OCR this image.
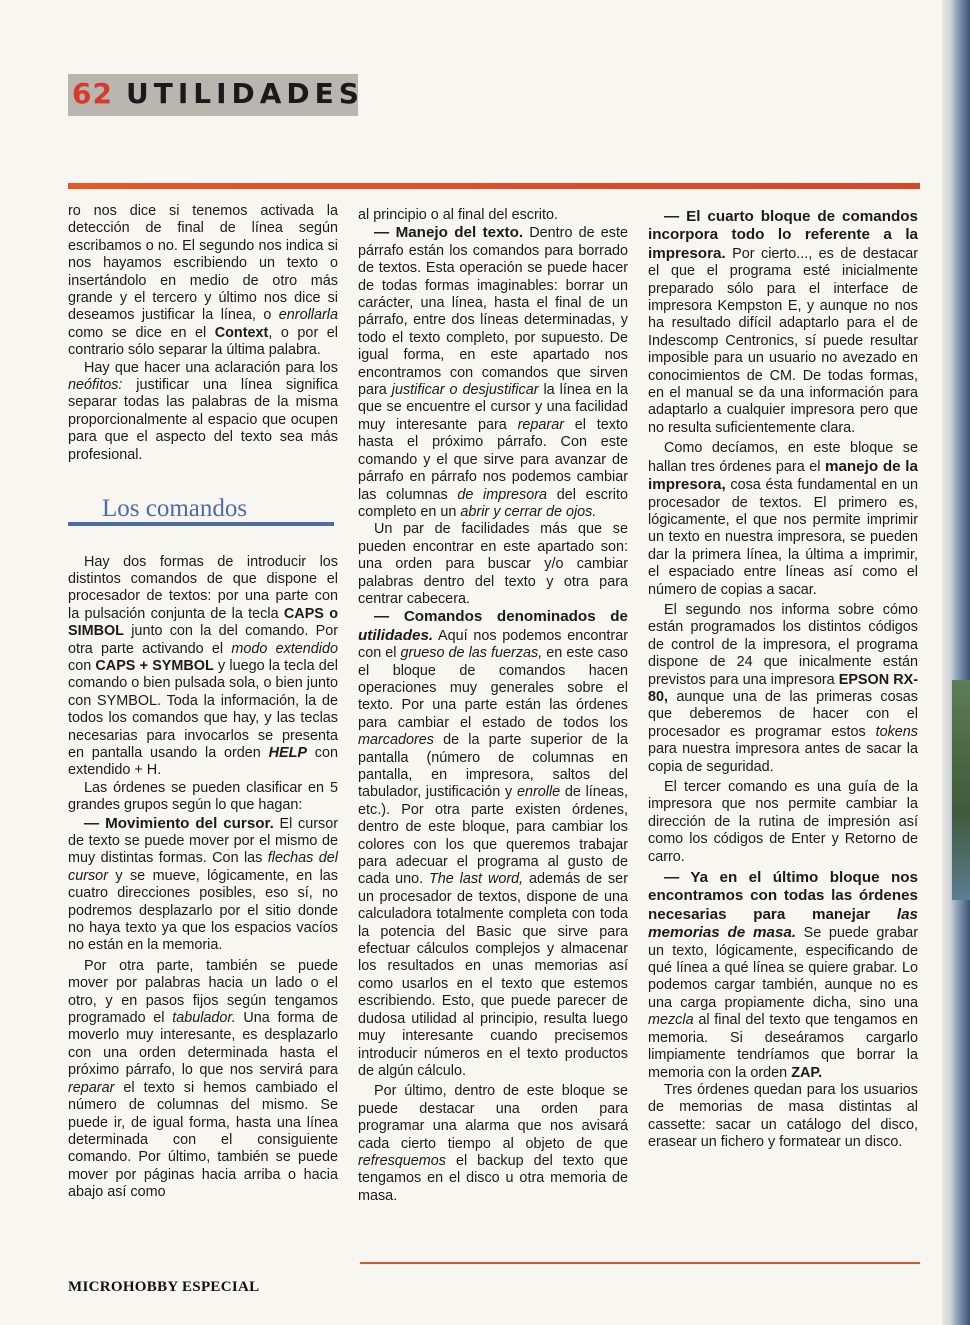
62 UTILIDADES

ro nos dice si tenemos activada la detección de final de línea según escribamos o no. El segundo nos indica si nos hayamos escribiendo un texto o insertándolo en medio de otro más grande y el tercero y último nos dice si deseamos justificar la línea, o enrollarla como se dice en el Context, o por el contrario sólo separar la última palabra.

Hay que hacer una aclaración para los neófitos: justificar una línea significa separar todas las palabras de la misma proporcionalmente al espacio que ocupen para que el aspecto del texto sea más profesional.

Los comandos

Hay dos formas de introducir los distintos comandos de que dispone el procesador de textos: por una parte con la pulsación conjunta de la tecla CAPS o SIMBOL junto con la del comando. Por otra parte activando el modo extendido con CAPS + SYMBOL y luego la tecla del comando o bien pulsada sola, o bien junto con SYMBOL. Toda la información, la de todos los comandos que hay, y las teclas necesarias para invocarlos se presenta en pantalla usando la orden HELP con extendido + H.

Las órdenes se pueden clasificar en 5 grandes grupos según lo que hagan:

— Movimiento del cursor. El cursor de texto se puede mover por el mismo de muy distintas formas. Con las flechas del cursor y se mueve, lógicamente, en las cuatro direcciones posibles, eso sí, no podremos desplazarlo por el sitio donde no haya texto ya que los espacios vacíos no están en la memoria.

Por otra parte, también se puede mover por palabras hacia un lado o el otro, y en pasos fijos según tengamos programado el tabulador. Una forma de moverlo muy interesante, es desplazarlo con una orden determinada hasta el próximo párrafo, lo que nos servirá para reparar el texto si hemos cambiado el número de columnas del mismo. Se puede ir, de igual forma, hasta una línea determinada con el consiguiente comando. Por último, también se puede mover por páginas hacia arriba o hacia abajo así como

al principio o al final del escrito.

— Manejo del texto. Dentro de este párrafo están los comandos para borrado de textos. Esta operación se puede hacer de todas formas imaginables: borrar un carácter, una línea, hasta el final de un párrafo, entre dos líneas determinadas, y todo el texto completo, por supuesto. De igual forma, en este apartado nos encontramos con comandos que sirven para justificar o desjustificar la línea en la que se encuentre el cursor y una facilidad muy interesante para reparar el texto hasta el próximo párrafo. Con este comando y el que sirve para avanzar de párrafo en párrafo nos podemos cambiar las columnas de impresora del escrito completo en un abrir y cerrar de ojos.

Un par de facilidades más que se pueden encontrar en este apartado son: una orden para buscar y/o cambiar palabras dentro del texto y otra para centrar cabecera.

— Comandos denominados de utilidades. Aquí nos podemos encontrar con el grueso de las fuerzas, en este caso el bloque de comandos hacen operaciones muy generales sobre el texto. Por una parte están las órdenes para cambiar el estado de todos los marcadores de la parte superior de la pantalla (número de columnas en pantalla, en impresora, saltos del tabulador, justificación y enrolle de líneas, etc.). Por otra parte existen órdenes, dentro de este bloque, para cambiar los colores con los que queremos trabajar para adecuar el programa al gusto de cada uno. The last word, además de ser un procesador de textos, dispone de una calculadora totalmente completa con toda la potencia del Basic que sirve para efectuar cálculos complejos y almacenar los resultados en unas memorias así como usarlos en el texto que estemos escribiendo. Esto, que puede parecer de dudosa utilidad al principio, resulta luego muy interesante cuando precisemos introducir números en el texto productos de algún cálculo.

Por último, dentro de este bloque se puede destacar una orden para programar una alarma que nos avisará cada cierto tiempo al objeto de que refresquemos el backup del texto que tengamos en el disco u otra memoria de masa.

— El cuarto bloque de comandos incorpora todo lo referente a la impresora. Por cierto..., es de destacar el que el programa esté inicialmente preparado sólo para el interface de impresora Kempston E, y aunque no nos ha resultado difícil adaptarlo para el de Indescomp Centronics, sí puede resultar imposible para un usuario no avezado en conocimientos de CM. De todas formas, en el manual se da una información para adaptarlo a cualquier impresora pero que no resulta suficientemente clara.

Como decíamos, en este bloque se hallan tres órdenes para el manejo de la impresora, cosa ésta fundamental en un procesador de textos. El primero es, lógicamente, el que nos permite imprimir un texto en nuestra impresora, se pueden dar la primera línea, la última a imprimir, el espaciado entre líneas así como el número de copias a sacar.

El segundo nos informa sobre cómo están programados los distintos códigos de control de la impresora, el programa dispone de 24 que inicalmente están previstos para una impresora EPSON RX-80, aunque una de las primeras cosas que deberemos de hacer con el procesador es programar estos tokens para nuestra impresora antes de sacar la copia de seguridad.

El tercer comando es una guía de la impresora que nos permite cambiar la dirección de la rutina de impresión así como los códigos de Enter y Retorno de carro.

— Ya en el último bloque nos encontramos con todas las órdenes necesarias para manejar las memorias de masa. Se puede grabar un texto, lógicamente, especificando de qué línea a qué línea se quiere grabar. Lo podemos cargar también, aunque no es una carga propiamente dicha, sino una mezcla al final del texto que tengamos en memoria. Si deseáramos cargarlo limpiamente tendríamos que borrar la memoria con la orden ZAP.

Tres órdenes quedan para los usuarios de memorias de masa distintas al cassette: sacar un catálogo del disco, erasear un fichero y formatear un disco.

MICROHOBBY ESPECIAL
